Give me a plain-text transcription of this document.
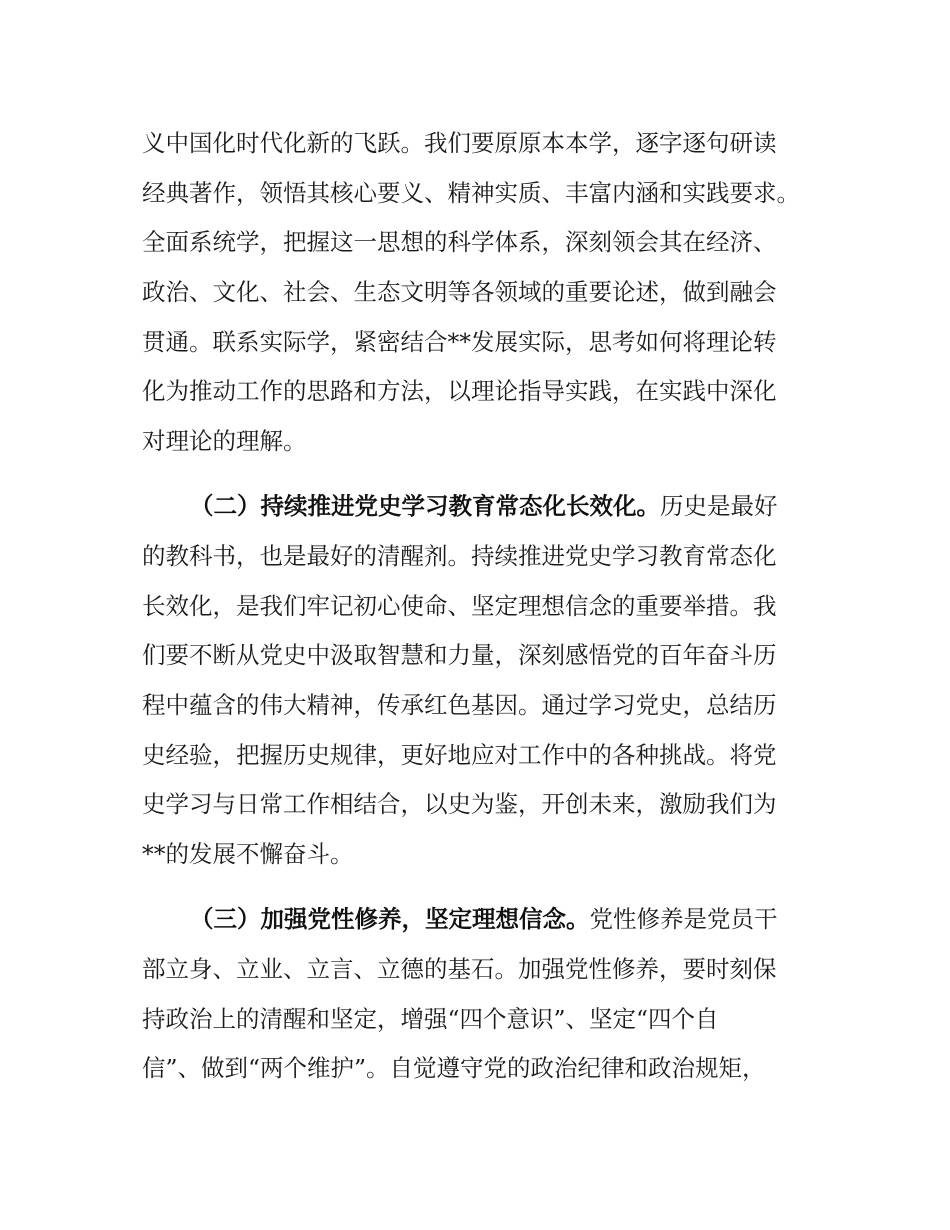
义中国化时代化新的飞跃。我们要原原本本学，逐字逐句研读
经典著作，领悟其核心要义、精神实质、丰富内涵和实践要求。
全面系统学，把握这一思想的科学体系，深刻领会其在经济、
政治、文化、社会、生态文明等各领域的重要论述，做到融会
贯通。联系实际学，紧密结合**发展实际，思考如何将理论转
化为推动工作的思路和方法，以理论指导实践，在实践中深化
对理论的理解。
（二）持续推进党史学习教育常态化长效化。历史是最好
的教科书，也是最好的清醒剂。持续推进党史学习教育常态化
长效化，是我们牢记初心使命、坚定理想信念的重要举措。我
们要不断从党史中汲取智慧和力量，深刻感悟党的百年奋斗历
程中蕴含的伟大精神，传承红色基因。通过学习党史，总结历
史经验，把握历史规律，更好地应对工作中的各种挑战。将党
史学习与日常工作相结合，以史为鉴，开创未来，激励我们为
**的发展不懈奋斗。
（三）加强党性修养，坚定理想信念。党性修养是党员干
部立身、立业、立言、立德的基石。加强党性修养，要时刻保
持政治上的清醒和坚定，增强“四个意识”、坚定“四个自
信”、做到“两个维护”。自觉遵守党的政治纪律和政治规矩，
